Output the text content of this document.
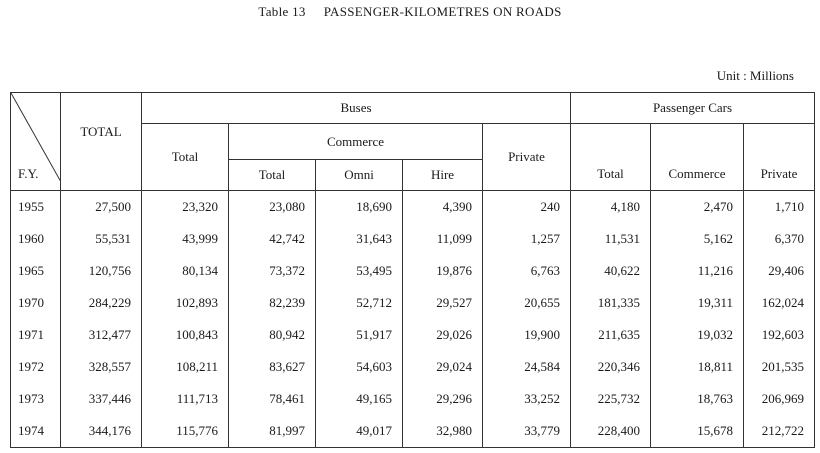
Table 13 PASSENGER-KILOMETRES ON ROADS
Unit : Millions
F.Y.	TOTAL	Buses					Passenger Cars		
		Total	Commerce			Private	Total	Commerce	Private
			Total	Omni	Hire				
1955	27,500	23,320	23,080	18,690	4,390	240	4,180	2,470	1,710
1960	55,531	43,999	42,742	31,643	11,099	1,257	11,531	5,162	6,370
1965	120,756	80,134	73,372	53,495	19,876	6,763	40,622	11,216	29,406
1970	284,229	102,893	82,239	52,712	29,527	20,655	181,335	19,311	162,024
1971	312,477	100,843	80,942	51,917	29,026	19,900	211,635	19,032	192,603
1972	328,557	108,211	83,627	54,603	29,024	24,584	220,346	18,811	201,535
1973	337,446	111,713	78,461	49,165	29,296	33,252	225,732	18,763	206,969
1974	344,176	115,776	81,997	49,017	32,980	33,779	228,400	15,678	212,722
